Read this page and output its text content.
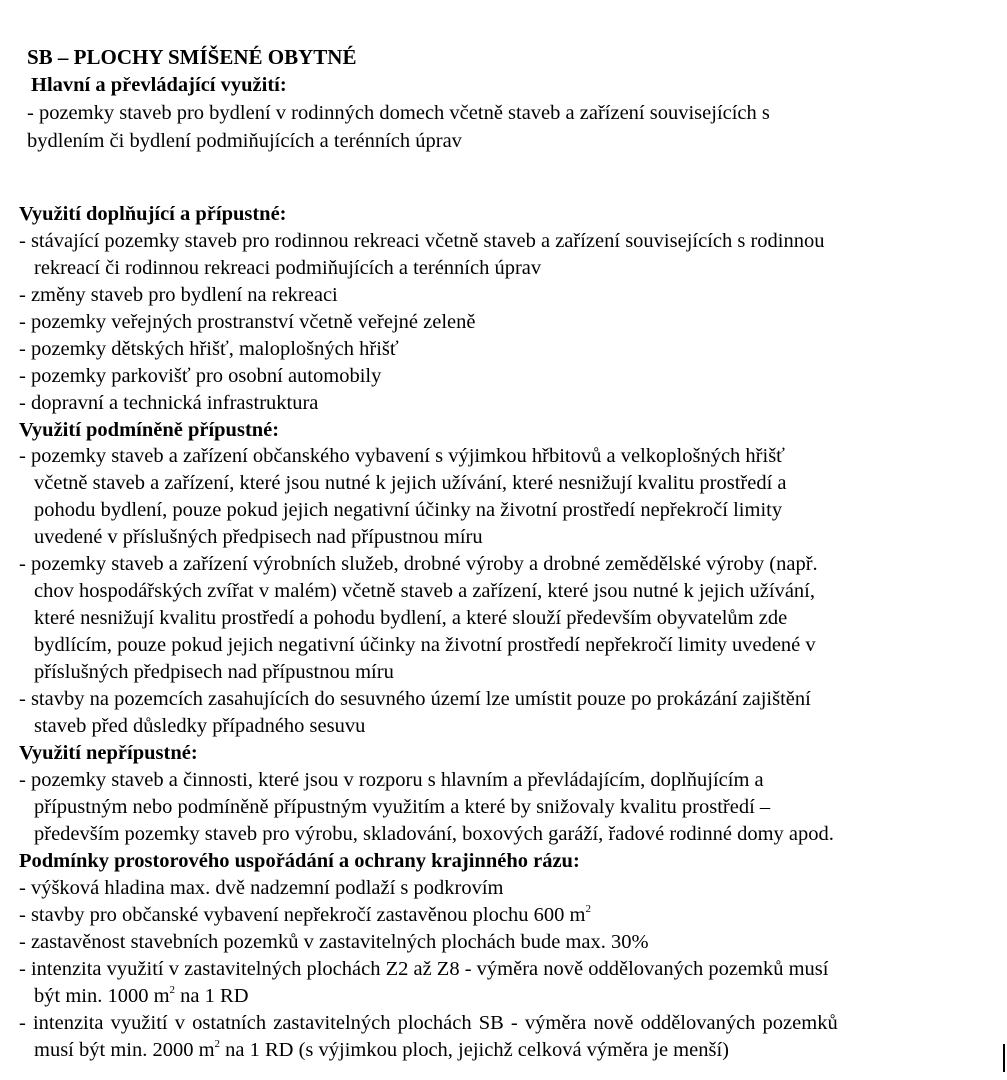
SB – PLOCHY SMÍŠENÉ OBYTNÉ
Hlavní a převládající využití:
- pozemky staveb pro bydlení v rodinných domech včetně staveb a zařízení souvisejících s
bydlením či bydlení podmiňujících a terénních úprav
Využití doplňující a přípustné:
- stávající pozemky staveb pro rodinnou rekreaci včetně staveb a zařízení souvisejících s rodinnou
rekreací či rodinnou rekreaci podmiňujících a terénních úprav
- změny staveb pro bydlení na rekreaci
- pozemky veřejných prostranství včetně veřejné zeleně
- pozemky dětských hřišť, maloplošných hřišť
- pozemky parkovišť pro osobní automobily
- dopravní a technická infrastruktura
Využití podmíněně přípustné:
- pozemky staveb a zařízení občanského vybavení s výjimkou hřbitovů a velkoplošných hřišť
včetně staveb a zařízení, které jsou nutné k jejich užívání, které nesnižují kvalitu prostředí a
pohodu bydlení, pouze pokud jejich negativní účinky na životní prostředí nepřekročí limity
uvedené v příslušných předpisech nad přípustnou míru
- pozemky staveb a zařízení výrobních služeb, drobné výroby a drobné zemědělské výroby (např.
chov hospodářských zvířat v malém) včetně staveb a zařízení, které jsou nutné k jejich užívání,
které nesnižují kvalitu prostředí a pohodu bydlení, a které slouží především obyvatelům zde
bydlícím, pouze pokud jejich negativní účinky na životní prostředí nepřekročí limity uvedené v
příslušných předpisech nad přípustnou míru
- stavby na pozemcích zasahujících do sesuvného území lze umístit pouze po prokázání zajištění
staveb před důsledky případného sesuvu
Využití nepřípustné:
- pozemky staveb a činnosti, které jsou v rozporu s hlavním a převládajícím, doplňujícím a
přípustným nebo podmíněně přípustným využitím a které by snižovaly kvalitu prostředí –
především pozemky staveb pro výrobu, skladování, boxových garáží, řadové rodinné domy apod.
Podmínky prostorového uspořádání a ochrany krajinného rázu:
- výšková hladina max. dvě nadzemní podlaží s podkrovím
- stavby pro občanské vybavení nepřekročí zastavěnou plochu 600 $m^2$
- zastavěnost stavebních pozemků v zastavitelných plochách bude max. 30%
- intenzita využití v zastavitelných plochách Z2 až Z8 - výměra nově oddělovaných pozemků musí
být min. 1000 $m^2$ na 1 RD
- intenzita využití v ostatních zastavitelných plochách SB - výměra nově oddělovaných pozemků
musí být min. 2000 $m^2$ na 1 RD (s výjimkou ploch, jejichž celková výměra je menší)
